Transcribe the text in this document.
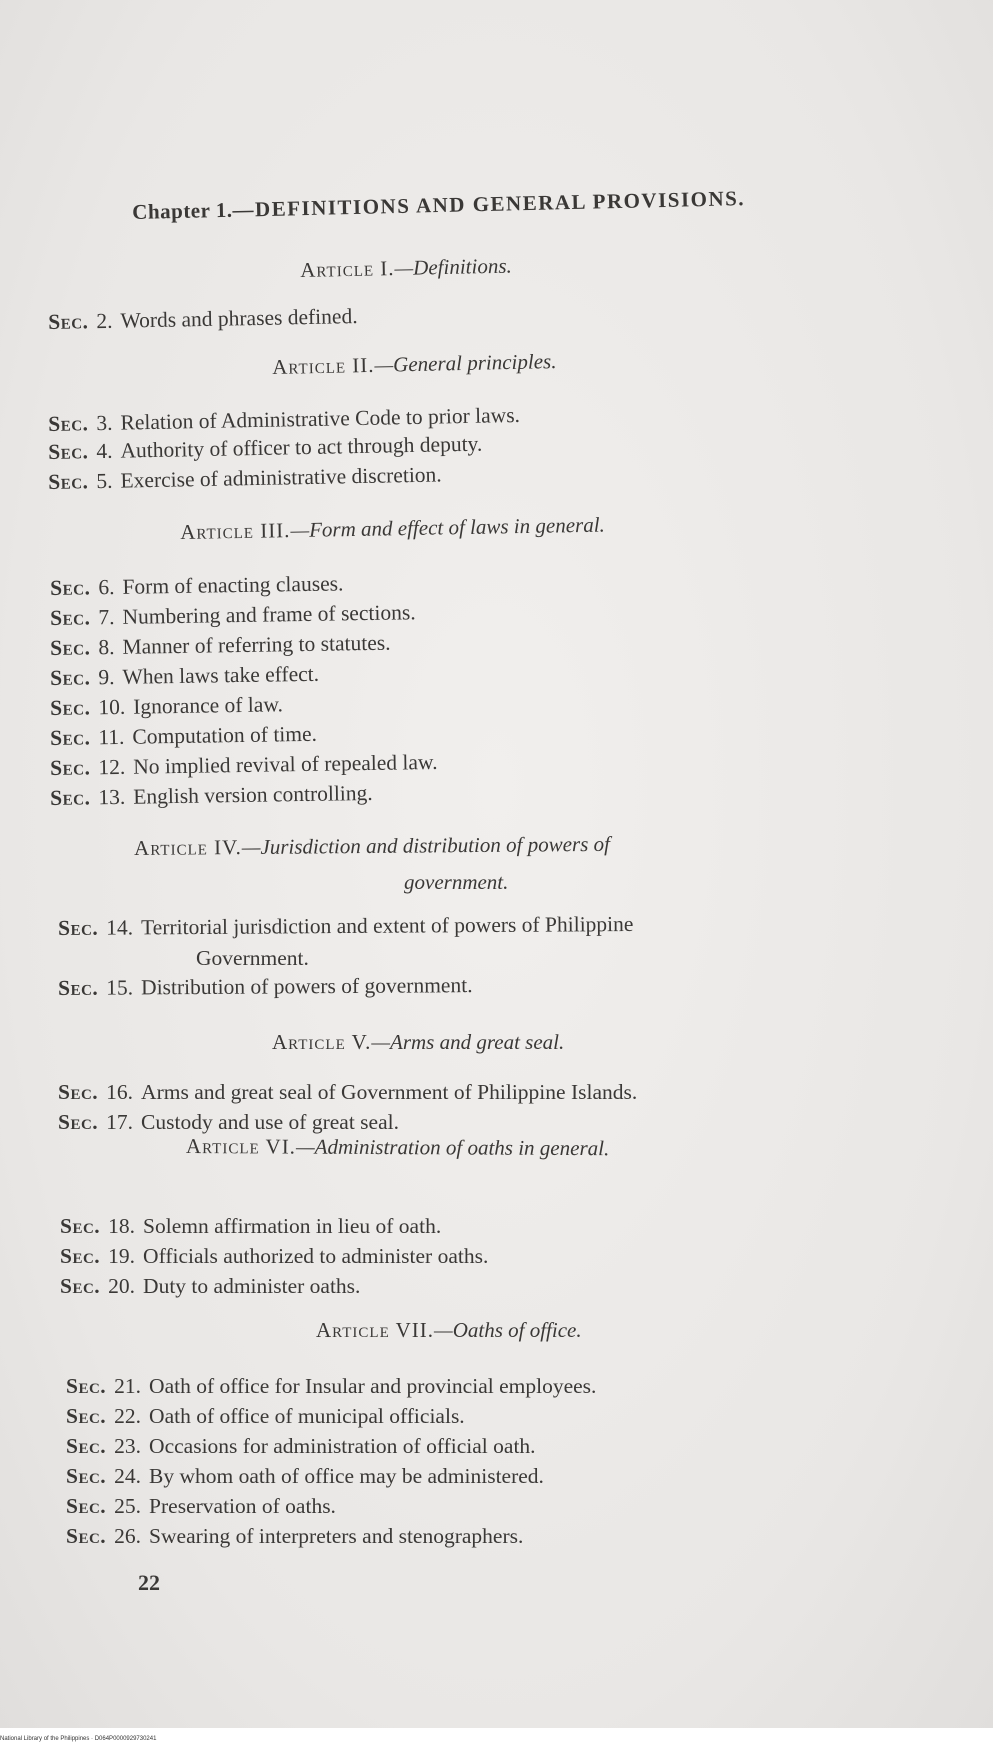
Chapter 1.—DEFINITIONS AND GENERAL PROVISIONS.
Article I.—Definitions.
Sec. 2. Words and phrases defined.
Article II.—General principles.
Sec. 3. Relation of Administrative Code to prior laws.
Sec. 4. Authority of officer to act through deputy.
Sec. 5. Exercise of administrative discretion.
Article III.—Form and effect of laws in general.
Sec. 6. Form of enacting clauses.
Sec. 7. Numbering and frame of sections.
Sec. 8. Manner of referring to statutes.
Sec. 9. When laws take effect.
Sec. 10. Ignorance of law.
Sec. 11. Computation of time.
Sec. 12. No implied revival of repealed law.
Sec. 13. English version controlling.
Article IV.—Jurisdiction and distribution of powers of
government.
Sec. 14. Territorial jurisdiction and extent of powers of Philippine
Government.
Sec. 15. Distribution of powers of government.
Article V.—Arms and great seal.
Sec. 16. Arms and great seal of Government of Philippine Islands.
Sec. 17. Custody and use of great seal.
Article VI.—Administration of oaths in general.
Sec. 18. Solemn affirmation in lieu of oath.
Sec. 19. Officials authorized to administer oaths.
Sec. 20. Duty to administer oaths.
Article VII.—Oaths of office.
Sec. 21. Oath of office for Insular and provincial employees.
Sec. 22. Oath of office of municipal officials.
Sec. 23. Occasions for administration of official oath.
Sec. 24. By whom oath of office may be administered.
Sec. 25. Preservation of oaths.
Sec. 26. Swearing of interpreters and stenographers.
22
National Library of the Philippines · D064P0000929730241
